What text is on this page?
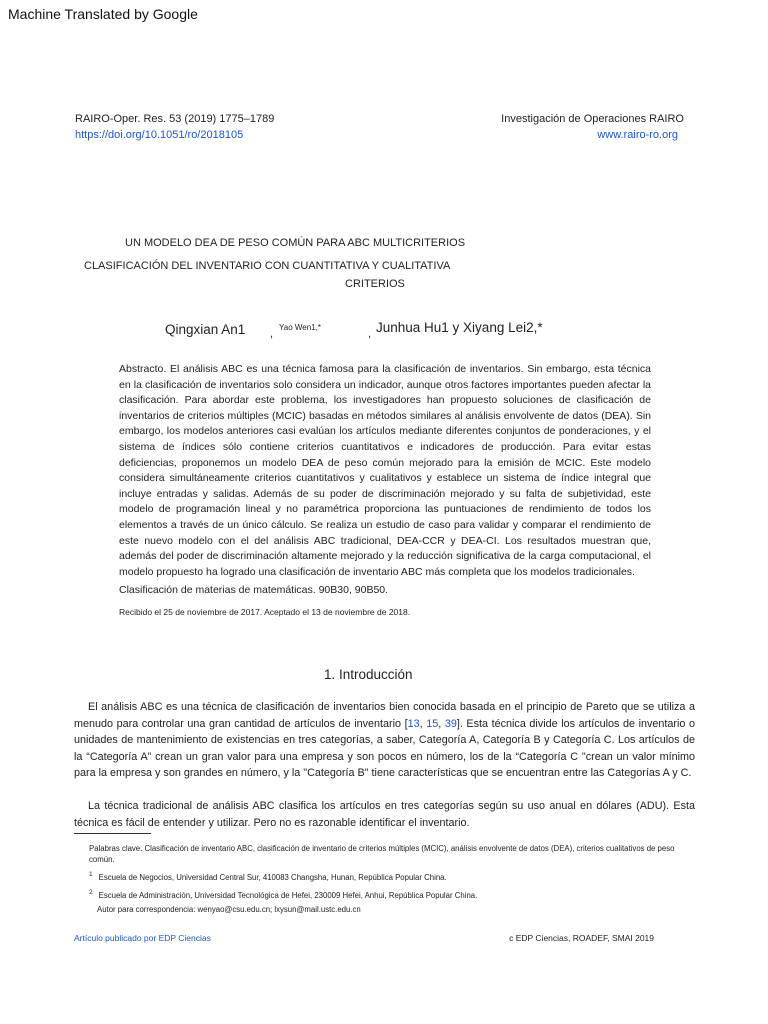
Machine Translated by Google
RAIRO-Oper. Res. 53 (2019) 1775–1789
https://doi.org/10.1051/ro/2018105
Investigación de Operaciones RAIRO
www.rairo-ro.org
UN MODELO DEA DE PESO COMÚN PARA ABC MULTICRITERIOS
CLASIFICACIÓN DEL INVENTARIO CON CUANTITATIVA Y CUALITATIVA
CRITERIOS
Qingxian An1 ,
Yao Wen1,*
, Junhua Hu1 y Xiyang Lei2,*
Abstracto. El análisis ABC es una técnica famosa para la clasificación de inventarios. Sin embargo, esta técnica en la clasificación de inventarios solo considera un indicador, aunque otros factores importantes pueden afectar la clasificación. Para abordar este problema, los investigadores han propuesto soluciones de clasificación de inventarios de criterios múltiples (MCIC) basadas en métodos similares al análisis envolvente de datos (DEA). Sin embargo, los modelos anteriores casi evalúan los artículos mediante diferentes conjuntos de ponderaciones, y el sistema de índices sólo contiene criterios cuantitativos e indicadores de producción. Para evitar estas deficiencias, proponemos un modelo DEA de peso común mejorado para la emisión de MCIC. Este modelo considera simultáneamente criterios cuantitativos y cualitativos y establece un sistema de índice integral que incluye entradas y salidas. Además de su poder de discriminación mejorado y su falta de subjetividad, este modelo de programación lineal y no paramétrica proporciona las puntuaciones de rendimiento de todos los elementos a través de un único cálculo. Se realiza un estudio de caso para validar y comparar el rendimiento de este nuevo modelo con el del análisis ABC tradicional, DEA-CCR y DEA-CI. Los resultados muestran que, además del poder de discriminación altamente mejorado y la reducción significativa de la carga computacional, el modelo propuesto ha logrado una clasificación de inventario ABC más completa que los modelos tradicionales.
Clasificación de materias de matemáticas. 90B30, 90B50.
Recibido el 25 de noviembre de 2017. Aceptado el 13 de noviembre de 2018.
1. Introducción
El análisis ABC es una técnica de clasificación de inventarios bien conocida basada en el principio de Pareto que se utiliza a menudo para controlar una gran cantidad de artículos de inventario [13, 15, 39]. Esta técnica divide los artículos de inventario o unidades de mantenimiento de existencias en tres categorías, a saber, Categoría A, Categoría B y Categoría C. Los artículos de la “Categoría A” crean un gran valor para una empresa y son pocos en número, los de la “Categoría C "crean un valor mínimo para la empresa y son grandes en número, y la "Categoría B" tiene características que se encuentran entre las Categorías A y C.
La técnica tradicional de análisis ABC clasifica los artículos en tres categorías según su uso anual en dólares (ADU). Esta técnica es fácil de entender y utilizar. Pero no es razonable identificar el inventario.
Palabras clave. Clasificación de inventario ABC, clasificación de inventario de criterios múltiples (MCIC), análisis envolvente de datos (DEA), criterios cualitativos de peso común.
$^1$ Escuela de Negocios, Universidad Central Sur, 410083 Changsha, Hunan, República Popular China.
$^2$ Escuela de Administración, Universidad Tecnológica de Hefei, 230009 Hefei, Anhui, República Popular China.
Autor para correspondencia: wenyao@csu.edu.cn; lxysun@mail.ustc.edu.cn
Artículo publicado por EDP Ciencias	c EDP Ciencias, ROADEF, SMAI 2019
